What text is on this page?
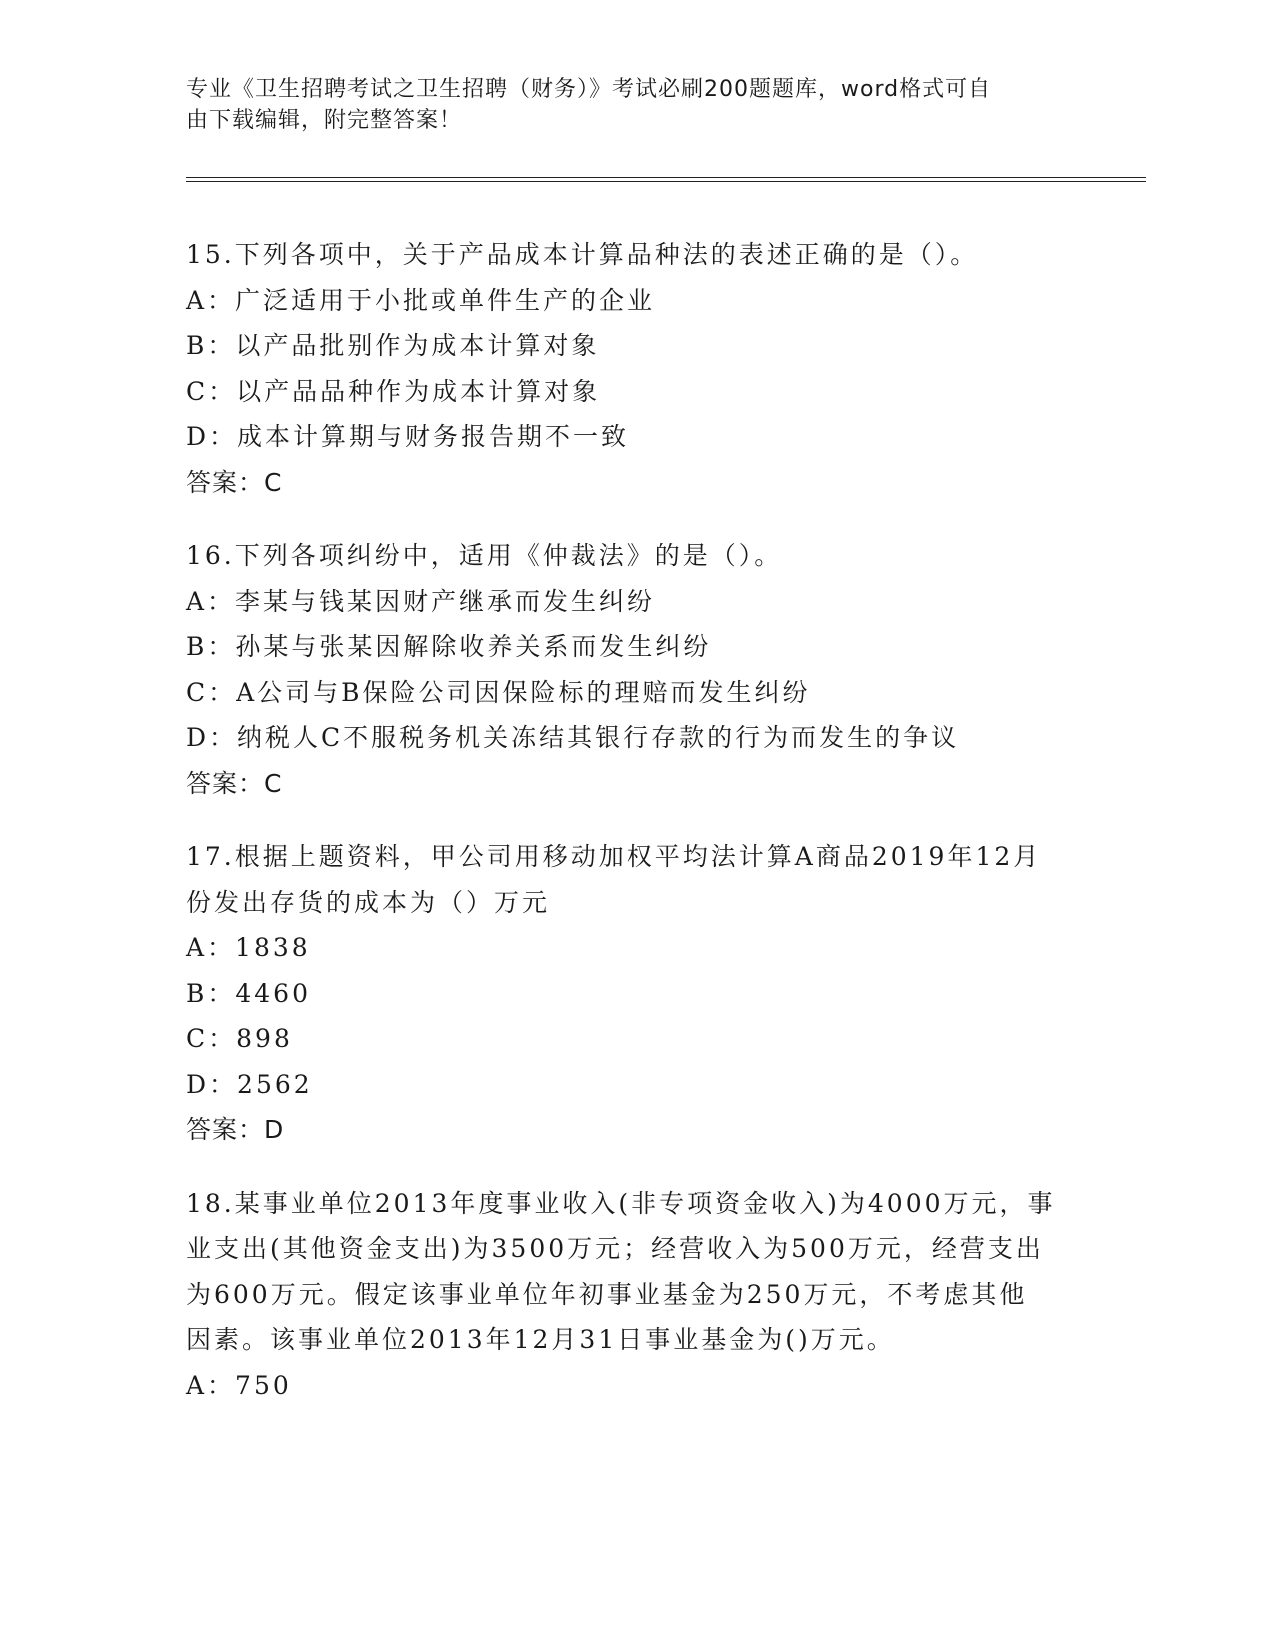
专业《卫生招聘考试之卫生招聘（财务）》考试必刷200题题库，word格式可自
由下载编辑，附完整答案！
15.下列各项中，关于产品成本计算品种法的表述正确的是（）。
A：广泛适用于小批或单件生产的企业
B：以产品批别作为成本计算对象
C：以产品品种作为成本计算对象
D：成本计算期与财务报告期不一致
答案：C
16.下列各项纠纷中，适用《仲裁法》的是（）。
A：李某与钱某因财产继承而发生纠纷
B：孙某与张某因解除收养关系而发生纠纷
C：A公司与B保险公司因保险标的理赔而发生纠纷
D：纳税人C不服税务机关冻结其银行存款的行为而发生的争议
答案：C
17.根据上题资料，甲公司用移动加权平均法计算A商品2019年12月
份发出存货的成本为（）万元
A：1838
B：4460
C：898
D：2562
答案：D
18.某事业单位2013年度事业收入(非专项资金收入)为4000万元，事
业支出(其他资金支出)为3500万元；经营收入为500万元，经营支出
为600万元。假定该事业单位年初事业基金为250万元，不考虑其他
因素。该事业单位2013年12月31日事业基金为()万元。
A：750
